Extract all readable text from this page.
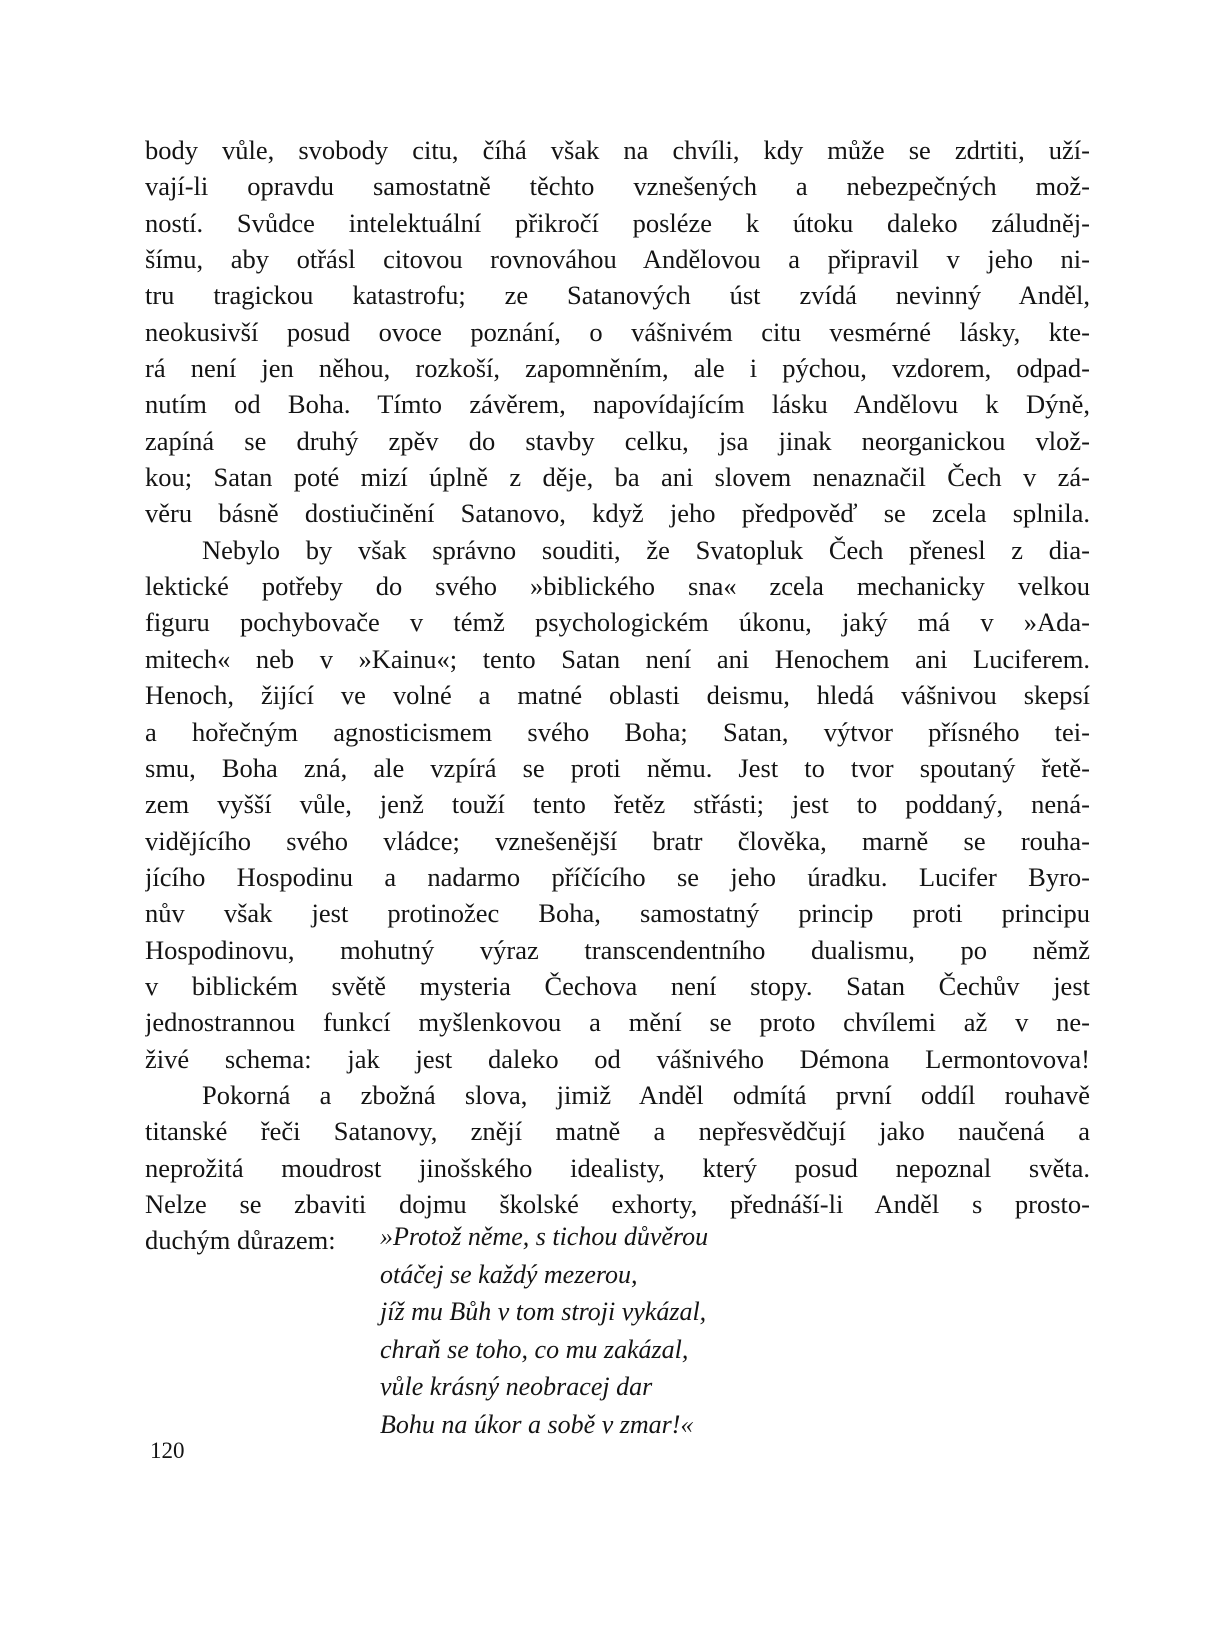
body vůle, svobody citu, číhá však na chvíli, kdy může se zdrtiti, uží-
vají-li opravdu samostatně těchto vznešených a nebezpečných mož-
ností. Svůdce intelektuální přikročí posléze k útoku daleko záludněj-
šímu, aby otřásl citovou rovnováhou Andělovou a připravil v jeho ni-
tru tragickou katastrofu; ze Satanových úst zvídá nevinný Anděl,
neokusivší posud ovoce poznání, o vášnivém citu vesmérné lásky, kte-
rá není jen něhou, rozkoší, zapomněním, ale i pýchou, vzdorem, odpad-
nutím od Boha. Tímto závěrem, napovídajícím lásku Andělovu k Dýně,
zapíná se druhý zpěv do stavby celku, jsa jinak neorganickou vlož-
kou; Satan poté mizí úplně z děje, ba ani slovem nenaznačil Čech v zá-
věru básně dostiučinění Satanovo, když jeho předpověď se zcela splnila.
Nebylo by však správno souditi, že Svatopluk Čech přenesl z dia-
lektické potřeby do svého »biblického sna« zcela mechanicky velkou
figuru pochybovače v témž psychologickém úkonu, jaký má v »Ada-
mitech« neb v »Kainu«; tento Satan není ani Henochem ani Luciferem.
Henoch, žijící ve volné a matné oblasti deismu, hledá vášnivou skepsí
a hořečným agnosticismem svého Boha; Satan, výtvor přísného tei-
smu, Boha zná, ale vzpírá se proti němu. Jest to tvor spoutaný řetě-
zem vyšší vůle, jenž touží tento řetěz střásti; jest to poddaný, nená-
vidějícího svého vládce; vznešenější bratr člověka, marně se rouha-
jícího Hospodinu a nadarmo příčícího se jeho úradku. Lucifer Byro-
nův však jest protinožec Boha, samostatný princip proti principu
Hospodinovu, mohutný výraz transcendentního dualismu, po němž
v biblickém světě mysteria Čechova není stopy. Satan Čechův jest
jednostrannou funkcí myšlenkovou a mění se proto chvílemi až v ne-
živé schema: jak jest daleko od vášnivého Démona Lermontovova!
Pokorná a zbožná slova, jimiž Anděl odmítá první oddíl rouhavě
titanské řeči Satanovy, znějí matně a nepřesvědčují jako naučená a
neprožitá moudrost jinošského idealisty, který posud nepoznal světa.
Nelze se zbaviti dojmu školské exhorty, přednáší-li Anděl s prosto-
duchým důrazem:	»Protož něme, s tichou důvěrou
otáčej se každý mezerou,
jíž mu Bůh v tom stroji vykázal,
chraň se toho, co mu zakázal,
vůle krásný neobracej dar
Bohu na úkor a sobě v zmar!«
120
